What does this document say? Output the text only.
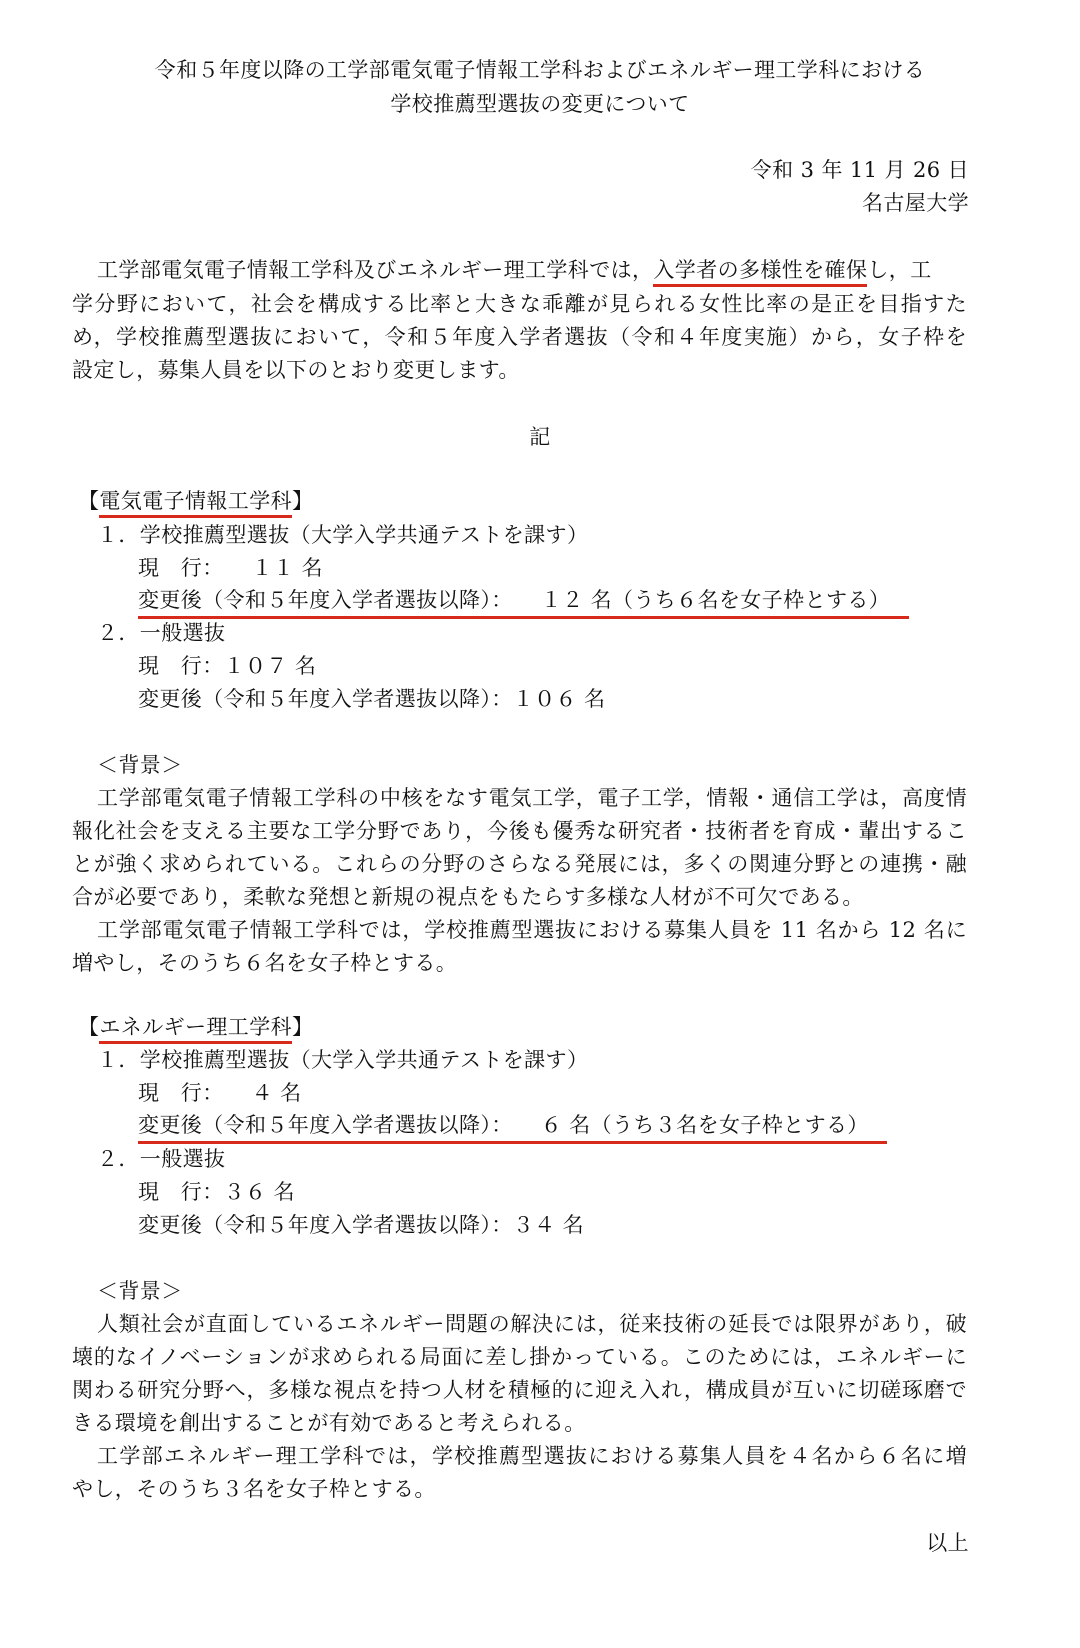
令和５年度以降の工学部電気電子情報工学科およびエネルギー理工学科における
学校推薦型選抜の変更について
令和 3 年 11 月 26 日
名古屋大学
工学部電気電子情報工学科及びエネルギー理工学科では，入学者の多様性を確保し，工
学分野において，社会を構成する比率と大きな乖離が見られる女性比率の是正を目指すた
め，学校推薦型選抜において，令和５年度入学者選抜（令和４年度実施）から，女子枠を
設定し，募集人員を以下のとおり変更します。
記
【電気電子情報工学科】
１．学校推薦型選抜（大学入学共通テストを課す）
現　行： １１ 名
変更後（令和５年度入学者選抜以降）： １２ 名（うち６名を女子枠とする）
２．一般選抜
現　行：１０７ 名
変更後（令和５年度入学者選抜以降）：１０６ 名
＜背景＞
工学部電気電子情報工学科の中核をなす電気工学，電子工学，情報・通信工学は，高度情
報化社会を支える主要な工学分野であり，今後も優秀な研究者・技術者を育成・輩出するこ
とが強く求められている。これらの分野のさらなる発展には，多くの関連分野との連携・融
合が必要であり，柔軟な発想と新規の視点をもたらす多様な人材が不可欠である。
工学部電気電子情報工学科では，学校推薦型選抜における募集人員を 11 名から 12 名に
増やし，そのうち６名を女子枠とする。
【エネルギー理工学科】
１．学校推薦型選抜（大学入学共通テストを課す）
現　行： ４ 名
変更後（令和５年度入学者選抜以降）： ６ 名（うち３名を女子枠とする）
２．一般選抜
現　行：３６ 名
変更後（令和５年度入学者選抜以降）：３４ 名
＜背景＞
人類社会が直面しているエネルギー問題の解決には，従来技術の延長では限界があり，破
壊的なイノベーションが求められる局面に差し掛かっている。このためには，エネルギーに
関わる研究分野へ，多様な視点を持つ人材を積極的に迎え入れ，構成員が互いに切磋琢磨で
きる環境を創出することが有効であると考えられる。
工学部エネルギー理工学科では，学校推薦型選抜における募集人員を４名から６名に増
やし，そのうち３名を女子枠とする。
以上
